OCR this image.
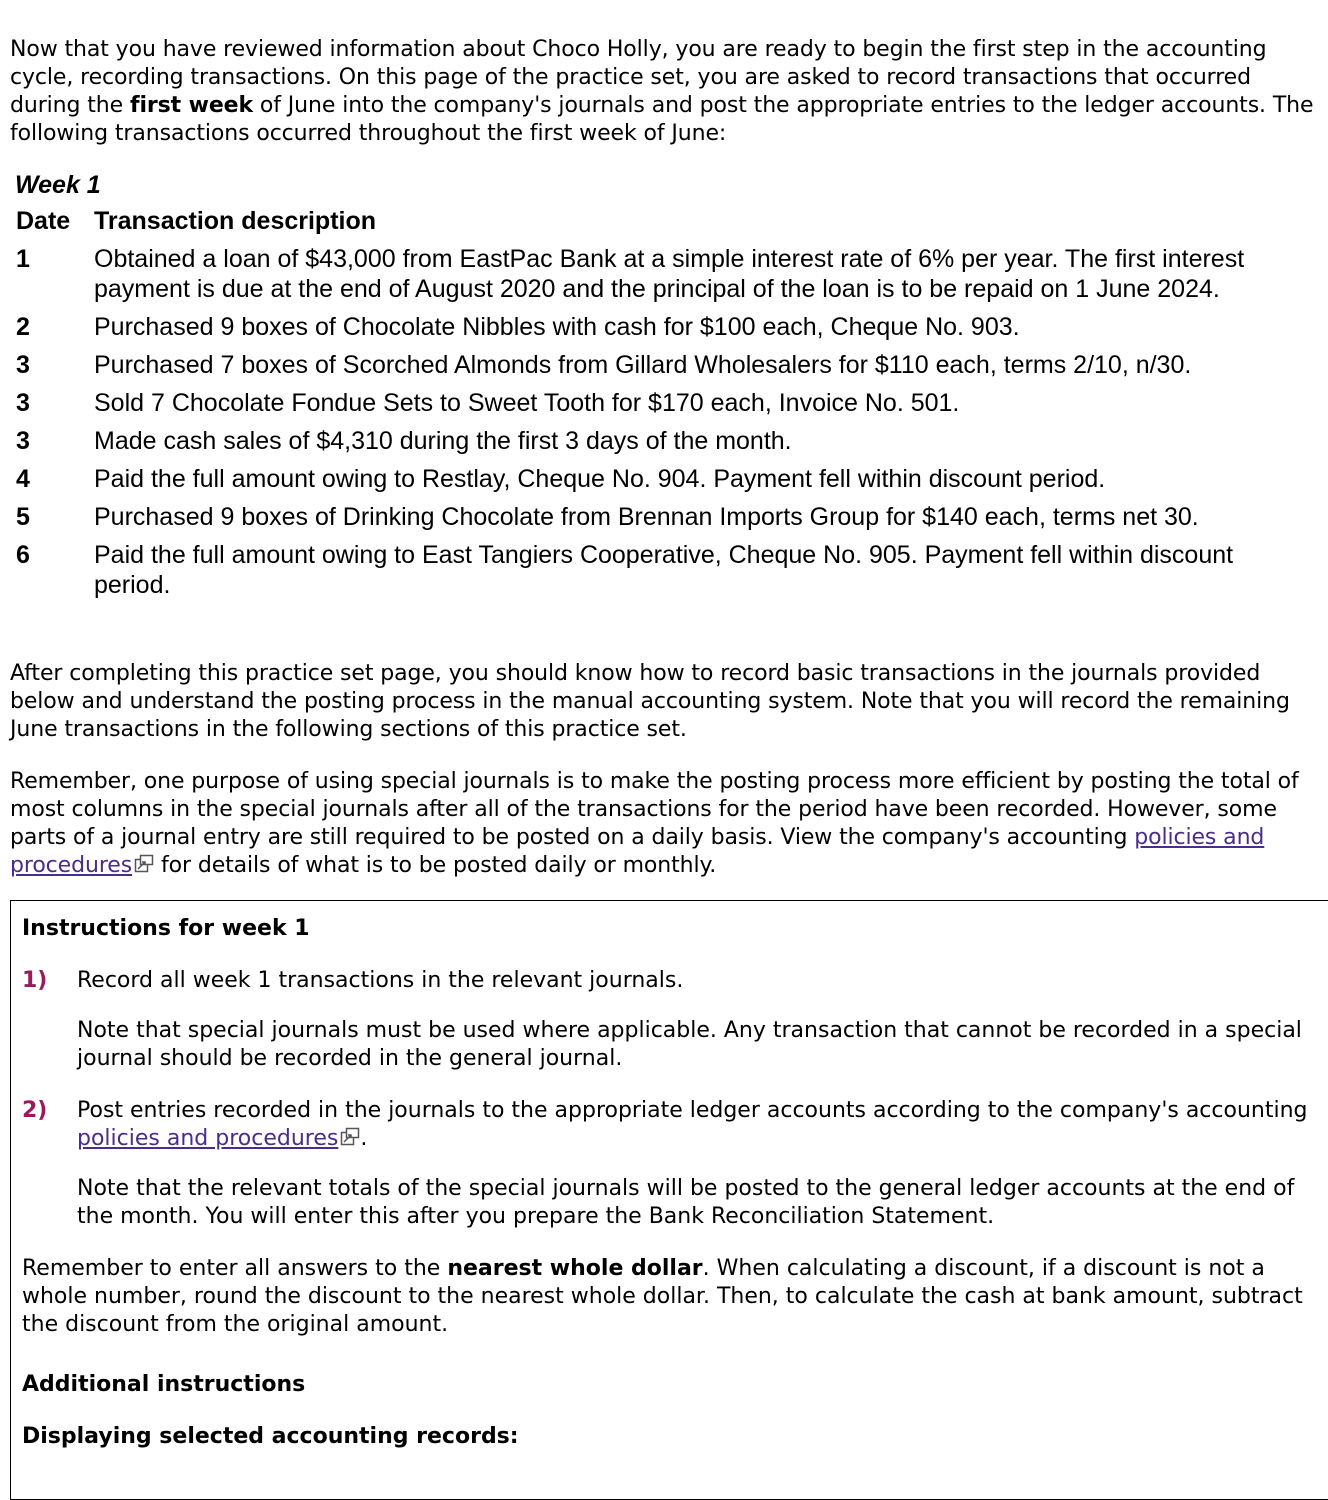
Now that you have reviewed information about Choco Holly, you are ready to begin the first step in the accounting cycle, recording transactions. On this page of the practice set, you are asked to record transactions that occurred during the first week of June into the company's journals and post the appropriate entries to the ledger accounts. The following transactions occurred throughout the first week of June:
Week 1
Date Transaction description
1	Obtained a loan of $43,000 from EastPac Bank at a simple interest rate of 6% per year. The first interest payment is due at the end of August 2020 and the principal of the loan is to be repaid on 1 June 2024.
2	Purchased 9 boxes of Chocolate Nibbles with cash for $100 each, Cheque No. 903.
3	Purchased 7 boxes of Scorched Almonds from Gillard Wholesalers for $110 each, terms 2/10, n/30.
3	Sold 7 Chocolate Fondue Sets to Sweet Tooth for $170 each, Invoice No. 501.
3	Made cash sales of $4,310 during the first 3 days of the month.
4	Paid the full amount owing to Restlay, Cheque No. 904. Payment fell within discount period.
5	Purchased 9 boxes of Drinking Chocolate from Brennan Imports Group for $140 each, terms net 30.
6	Paid the full amount owing to East Tangiers Cooperative, Cheque No. 905. Payment fell within discount period.
After completing this practice set page, you should know how to record basic transactions in the journals provided below and understand the posting process in the manual accounting system. Note that you will record the remaining June transactions in the following sections of this practice set.
Remember, one purpose of using special journals is to make the posting process more efficient by posting the total of most columns in the special journals after all of the transactions for the period have been recorded. However, some parts of a journal entry are still required to be posted on a daily basis. View the company's accounting policies and procedures for details of what is to be posted daily or monthly.
Instructions for week 1
1) Record all week 1 transactions in the relevant journals.
Note that special journals must be used where applicable. Any transaction that cannot be recorded in a special journal should be recorded in the general journal.
2) Post entries recorded in the journals to the appropriate ledger accounts according to the company's accounting policies and procedures .
Note that the relevant totals of the special journals will be posted to the general ledger accounts at the end of the month. You will enter this after you prepare the Bank Reconciliation Statement.
Remember to enter all answers to the nearest whole dollar. When calculating a discount, if a discount is not a whole number, round the discount to the nearest whole dollar. Then, to calculate the cash at bank amount, subtract the discount from the original amount.
Additional instructions
Displaying selected accounting records:
